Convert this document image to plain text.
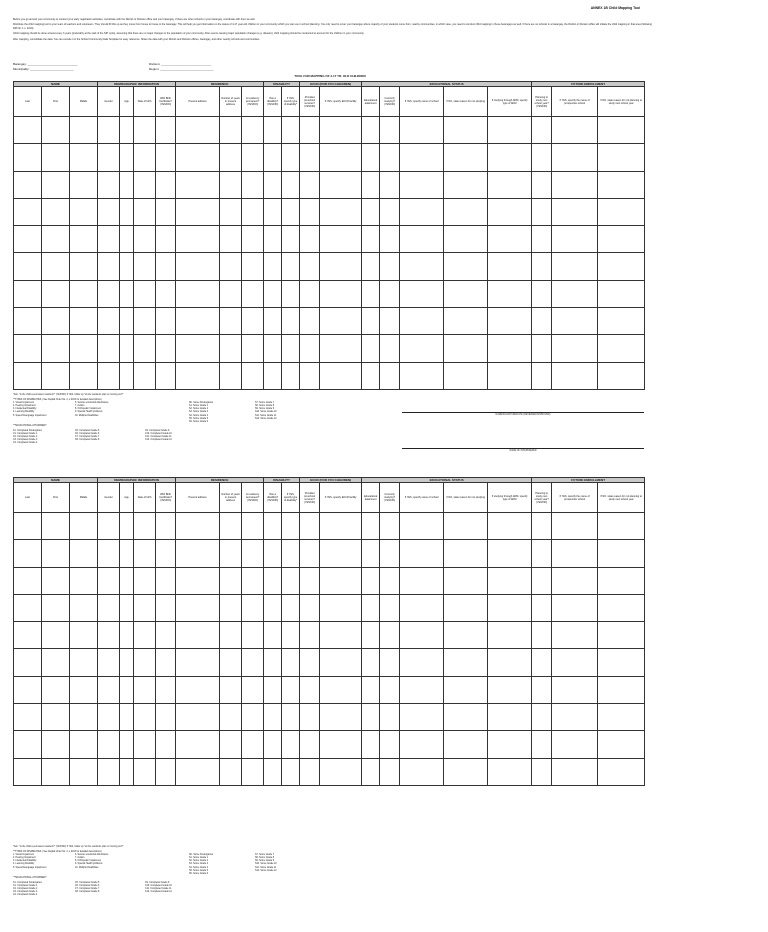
ANNEX 1B Child Mapping Tool

Before you go around your community to conduct your early registration activities, coordinate with the District or Division office and your barangay. If there are other schools in your barangay, coordinate with them as well.

Distribute the child mapping tool to your team of teachers and volunteers. They should fill this up as they move from house to house in the barangay. This will help you get information on the status of 4-17 year-old children in your community which you can use in school planning. You only need to cover your barangay where majority of your students come from; nearby communities, in which case, you need to conduct child mapping in these barangays as well. If there are no schools in a barangay, the District or Division office will initiate the child mapping in that area (following DM No. 1 s. 2019).

Child mapping should be done at least every 3 years (preferably at the start of the SIP cycle), assuming that there are no major changes in the population of your community. After events causing major population changes (e.g. disaster), child mapping should be conducted to account for the children in your community.

After mapping, consolidate the data. You can encode it in the School Community Data Template for easy reference. Share the data with your District and Division offices, barangay, and other nearby schools and communities.

Barangay: ______________________________	Division: ______________________________
Municipality: __________________________	Region: ________________________________
TOOL FOR MAPPING OF 4-17 YR. OLD CHILDREN
NAME			DEMOGRAPHIC INFORMATION				RESIDENCE			DISABILITY		ECCD (FOR 4YO CHILDREN)		EDUCATIONAL STATUS					FUTURE ENROLLMENT		
Last	First	Middle	Gender	Age	Date of birth	With Birth Certificate? (YES/NO)	Present address	Number of years in present address	Is residency permanent? (YES/NO)	Has a disability? (YES/NO)	If YES, specify type of disability*	Provided preschool services? (YES/NO)	If YES, specify ECCD facility	Educational attainment	Currently studying? (YES/NO)	If YES, specify name of school	If NO, state reason for not studying	If studying through ADM, specify type of ADM	Planning to study next school year? (YES/NO)	If YES, specify the name of prospective school	If NO, state reason for not planning to study next school year

*Ask: "Is the child a permanent resident?" (YES/NO) If YES, follow up "do the residents plan on moving out?"
**TYPES OF DISABILITIES ( See DepEd Order No. 2, s.2013 for detailed descriptions)
1. Visual Impairment
2. Hearing Impairment
3. Intellectual Disability
4. Learning Disability
5. Speech/Language Impairment
6. Serious emotional disturbance
7. Autism
8. Orthopedic Impairment
9. Special Health problems
10. Multiple Disabilities
SK. Some Kindergarten
S1. Some Grade 1
S2. Some Grade 2
S3. Some Grade 3
S4. Some Grade 4
S5. Some Grade 5
S6. Some Grade 6
S7. Some Grade 7
S8. Some Grade 8
S9. Some Grade 9
S10. Some Grade 10
S11. Some Grade 11
S12. Some Grade 12
***EDUCATIONAL ATTAINMENT
K1. Completed Kindergarten
C1. Completed Grade 1
C2. Completed Grade 2
C3. Completed Grade 3
C4. Completed Grade 4
C5. Completed Grade 5
C6. Completed Grade 6
C7. Completed Grade 7
C8. Completed Grade 8
C9. Completed Grade 9
C10. Completed Grade 10
C11. Completed Grade 11
C12. Completed Grade 12
NAME/SIGNATURE/DATE (REVIEWED/APPROVED)
NAME OF INTERVIEWER
NAME			DEMOGRAPHIC INFORMATION				RESIDENCE			DISABILITY		ECCD (FOR 4YO CHILDREN)		EDUCATIONAL STATUS					FUTURE ENROLLMENT		
Last	First	Middle	Gender	Age	Date of birth	With Birth Certificate? (YES/NO)	Present address	Number of years in present address	Is residency permanent? (YES/NO)	Has a disability? (YES/NO)	If YES, specify type of disability*	Provided preschool services? (YES/NO)	If YES, specify ECCD facility	Educational attainment	Currently studying? (YES/NO)	If YES, specify name of school	If NO, state reason for not studying	If studying through ADM, specify type of ADM	Planning to study next school year? (YES/NO)	If YES, specify the name of prospective school	If NO, state reason for not planning to study next school year

*Ask: "Is the child a permanent resident?" (YES/NO) If YES, follow up "do the residents plan on moving out?"
**TYPES OF DISABILITIES ( See DepEd Order No. 2, s.2013 for detailed descriptions)
1. Visual Impairment
2. Hearing Impairment
3. Intellectual Disability
4. Learning Disability
5. Speech/Language Impairment
6. Serious emotional disturbance
7. Autism
8. Orthopedic Impairment
9. Special Health problems
10. Multiple Disabilities
SK. Some Kindergarten
S1. Some Grade 1
S2. Some Grade 2
S3. Some Grade 3
S4. Some Grade 4
S5. Some Grade 5
S6. Some Grade 6
S7. Some Grade 7
S8. Some Grade 8
S9. Some Grade 9
S10. Some Grade 10
S11. Some Grade 11
S12. Some Grade 12
***EDUCATIONAL ATTAINMENT
K1. Completed Kindergarten
C1. Completed Grade 1
C2. Completed Grade 2
C3. Completed Grade 3
C4. Completed Grade 4
C5. Completed Grade 5
C6. Completed Grade 6
C7. Completed Grade 7
C8. Completed Grade 8
C9. Completed Grade 9
C10. Completed Grade 10
C11. Completed Grade 11
C12. Completed Grade 12
